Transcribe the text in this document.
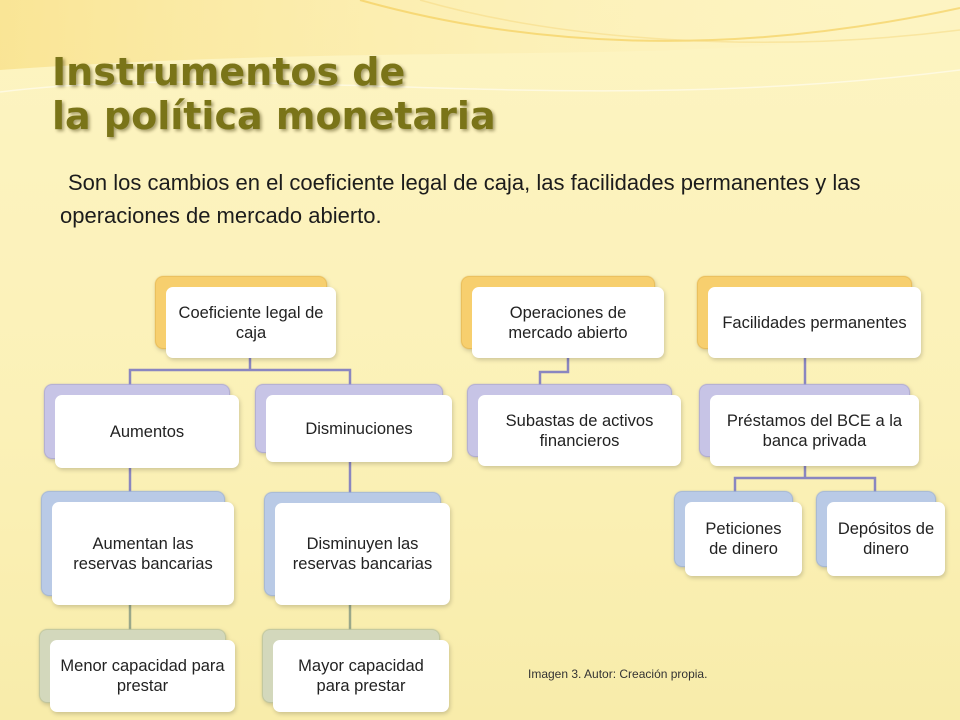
Instrumentos de
la política monetaria

Son los cambios en el coeficiente legal de caja, las facilidades permanentes y las operaciones de mercado abierto.

Coeficiente legal de caja
Aumentos	Disminuciones
Aumentan las reservas bancarias
Disminuyen las reservas bancarias
Menor capacidad para prestar
Mayor capacidad para prestar
Operaciones de mercado abierto
Subastas de activos financieros
Facilidades permanentes
Préstamos del BCE a la banca privada
Peticiones de dinero
Depósitos de dinero

Imagen 3. Autor: Creación propia.
